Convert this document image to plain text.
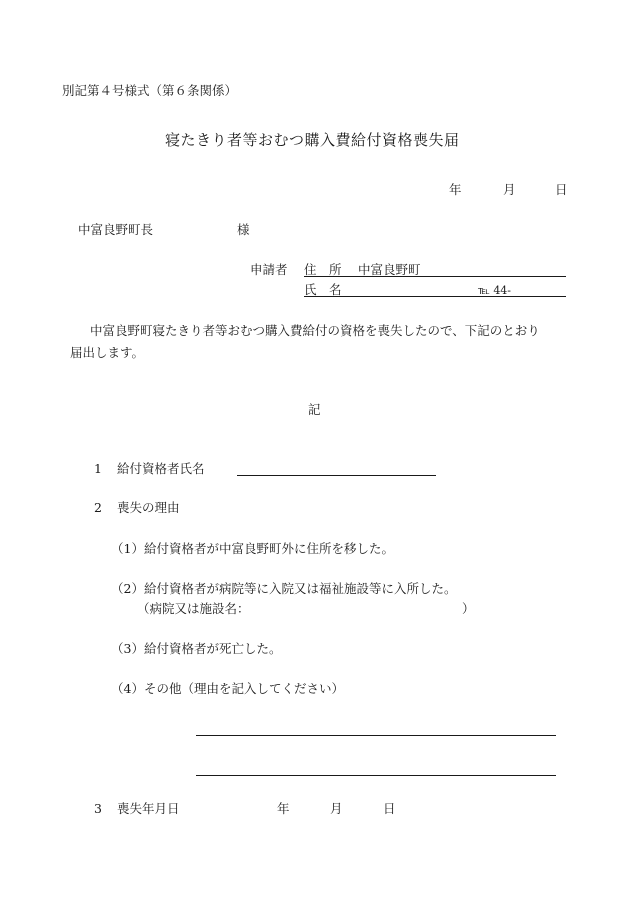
別記第４号様式（第６条関係）
寝たきり者等おむつ購入費給付資格喪失届
年	月	日
中富良野町長	様
申請者 住　所 中富良野町
氏　名	℡ 44-
中富良野町寝たきり者等おむつ購入費給付の資格を喪失したので、下記のとおり届出します。
記
1 給付資格者氏名
2 喪失の理由
（1）給付資格者が中富良野町外に住所を移した。
（2）給付資格者が病院等に入院又は福祉施設等に入所した。
（病院又は施設名：	）
（3）給付資格者が死亡した。
（4）その他（理由を記入してください）
3 喪失年月日	年	月	日
